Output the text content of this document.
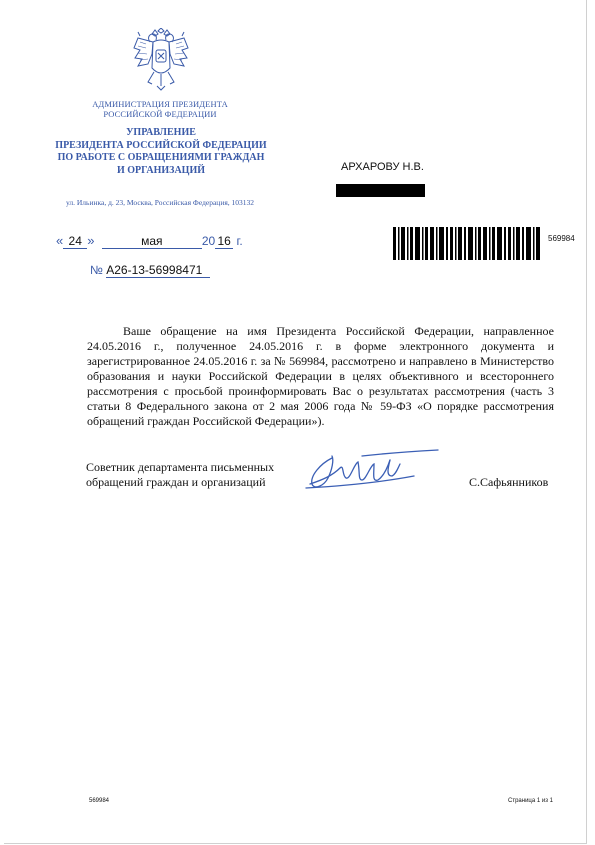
АДМИНИСТРАЦИЯ ПРЕЗИДЕНТА
РОССИЙСКОЙ ФЕДЕРАЦИИ
УПРАВЛЕНИЕ
ПРЕЗИДЕНТА РОССИЙСКОЙ ФЕДЕРАЦИИ
ПО РАБОТЕ С ОБРАЩЕНИЯМИ ГРАЖДАН
И ОРГАНИЗАЦИЙ
ул. Ильинка, д. 23, Москва, Российская Федерация, 103132
АРХАРОВУ Н.В.
569984
« 24 »	мая	20 16 г.
№ А26-13-56998471
Ваше обращение на имя Президента Российской Федерации, направленное 24.05.2016 г., полученное 24.05.2016 г. в форме электронного документа и зарегистрированное 24.05.2016 г. за № 569984, рассмотрено и направлено в Министерство образования и науки Российской Федерации в целях объективного и всестороннего рассмотрения с просьбой проинформировать Вас о результатах рассмотрения (часть 3 статьи 8 Федерального закона от 2 мая 2006 года № 59-ФЗ «О порядке рассмотрения обращений граждан Российской Федерации»).
Советник департамента письменных
обращений граждан и организаций	С.Сафьянников
569984	Страница 1 из 1
